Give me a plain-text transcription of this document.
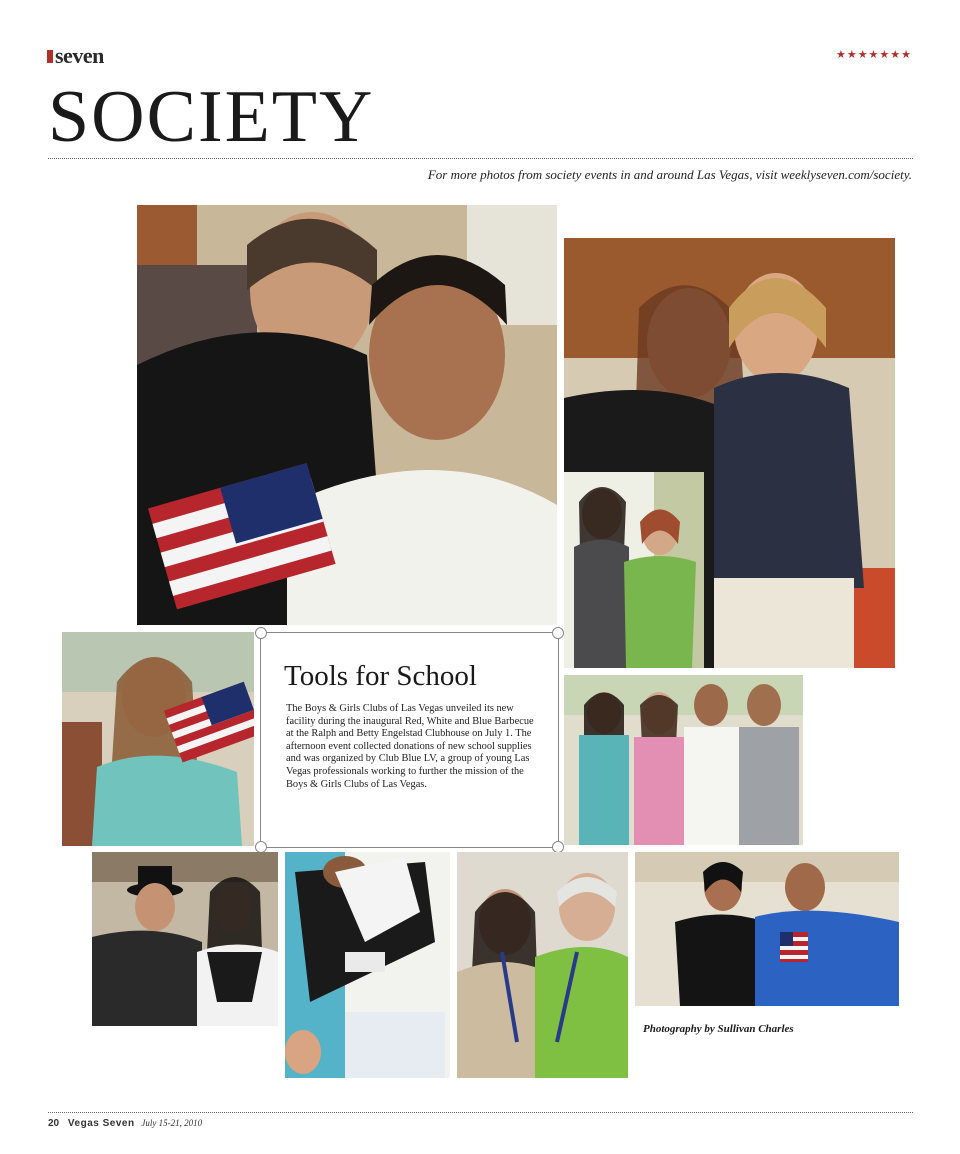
seven	★★★★★★★
SOCIETY
For more photos from society events in and around Las Vegas, visit weeklyseven.com/society.
Tools for School
The Boys & Girls Clubs of Las Vegas unveiled its new facility during the inaugural Red, White and Blue Barbecue at the Ralph and Betty Engelstad Clubhouse on July 1. The afternoon event collected donations of new school supplies and was organized by Club Blue LV, a group of young Las Vegas professionals working to further the mission of the Boys & Girls Clubs of Las Vegas.
Photography by Sullivan Charles
20 Vegas Seven July 15-21, 2010
